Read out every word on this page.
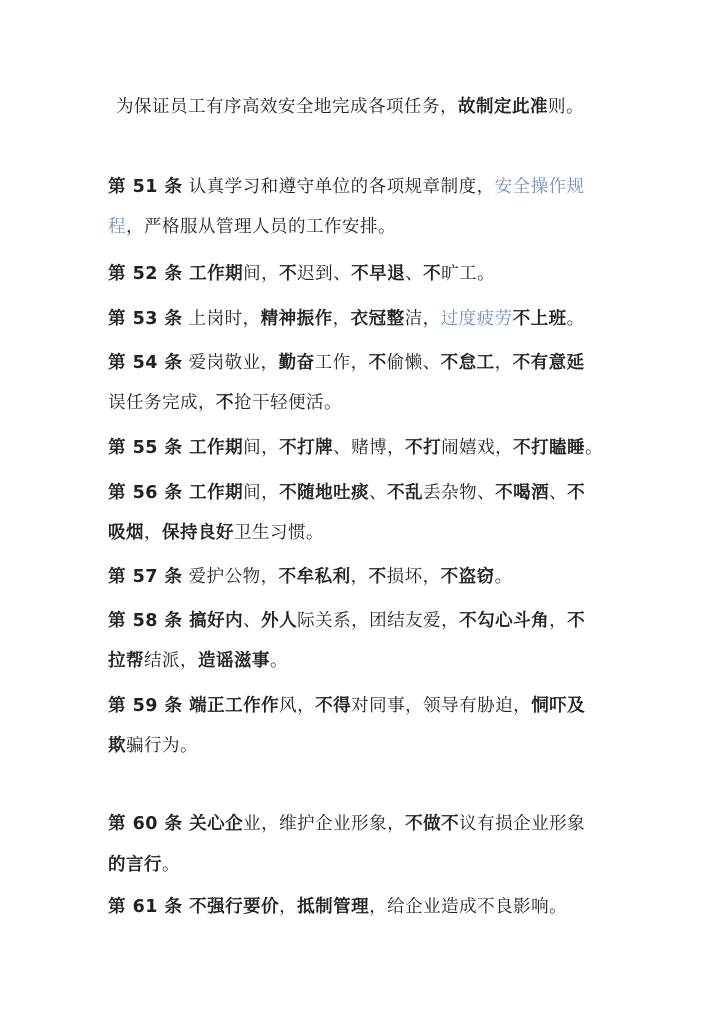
为保证员工有序高效安全地完成各项任务，故制定此准则。
第 51 条 认真学习和遵守单位的各项规章制度，安全操作规
程，严格服从管理人员的工作安排。
第 52 条 工作期间，不迟到、不早退、不旷工。
第 53 条 上岗时，精神振作，衣冠整洁，过度疲劳不上班。
第 54 条 爱岗敬业，勤奋工作，不偷懒、不怠工，不有意延
误任务完成，不抢干轻便活。
第 55 条 工作期间，不打牌、赌博，不打闹嬉戏，不打瞌睡。
第 56 条 工作期间，不随地吐痰、不乱丢杂物、不喝酒、不
吸烟，保持良好卫生习惯。
第 57 条 爱护公物，不牟私利，不损坏，不盗窃。
第 58 条 搞好内、外人际关系，团结友爱，不勾心斗角，不
拉帮结派，造谣滋事。
第 59 条 端正工作作风，不得对同事，领导有胁迫，恫吓及
欺骗行为。
第 60 条 关心企业，维护企业形象，不做不议有损企业形象
的言行。
第 61 条 不强行要价，抵制管理，给企业造成不良影响。
